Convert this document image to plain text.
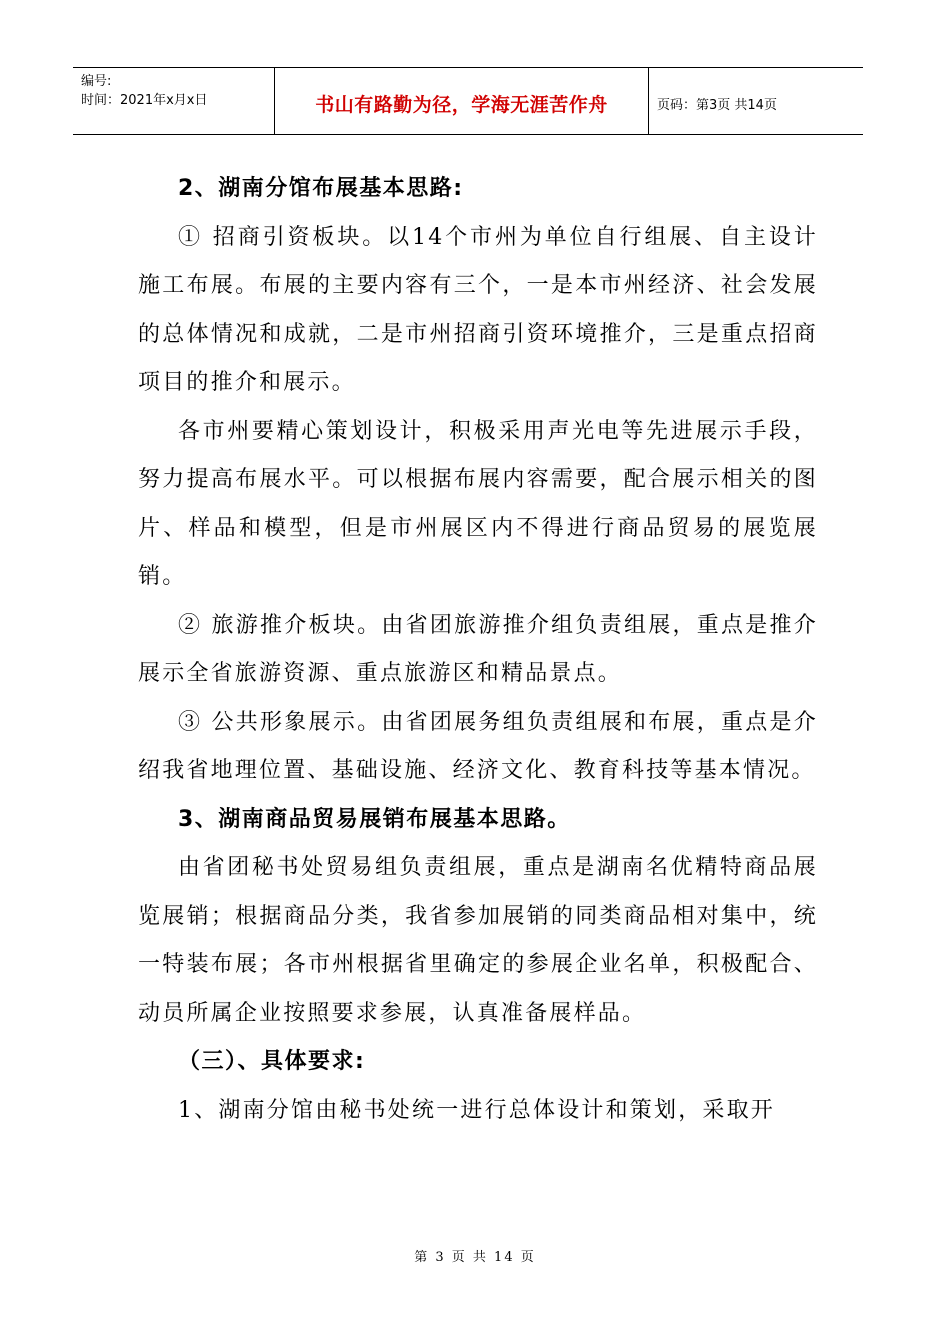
编号:
时间：2021年x月x日	书山有路勤为径，学海无涯苦作舟	页码：第3页 共14页

2、湖南分馆布展基本思路:

① 招商引资板块。以14个市州为单位自行组展、自主设计施工布展。布展的主要内容有三个，一是本市州经济、社会发展的总体情况和成就，二是市州招商引资环境推介，三是重点招商项目的推介和展示。

各市州要精心策划设计，积极采用声光电等先进展示手段，努力提高布展水平。可以根据布展内容需要，配合展示相关的图片、样品和模型，但是市州展区内不得进行商品贸易的展览展销。

② 旅游推介板块。由省团旅游推介组负责组展，重点是推介展示全省旅游资源、重点旅游区和精品景点。

③ 公共形象展示。由省团展务组负责组展和布展，重点是介绍我省地理位置、基础设施、经济文化、教育科技等基本情况。

3、湖南商品贸易展销布展基本思路。

由省团秘书处贸易组负责组展，重点是湖南名优精特商品展览展销；根据商品分类，我省参加展销的同类商品相对集中，统一特装布展；各市州根据省里确定的参展企业名单，积极配合、动员所属企业按照要求参展，认真准备展样品。

（三）、具体要求:

1、湖南分馆由秘书处统一进行总体设计和策划，采取开

第 3 页 共 14 页
